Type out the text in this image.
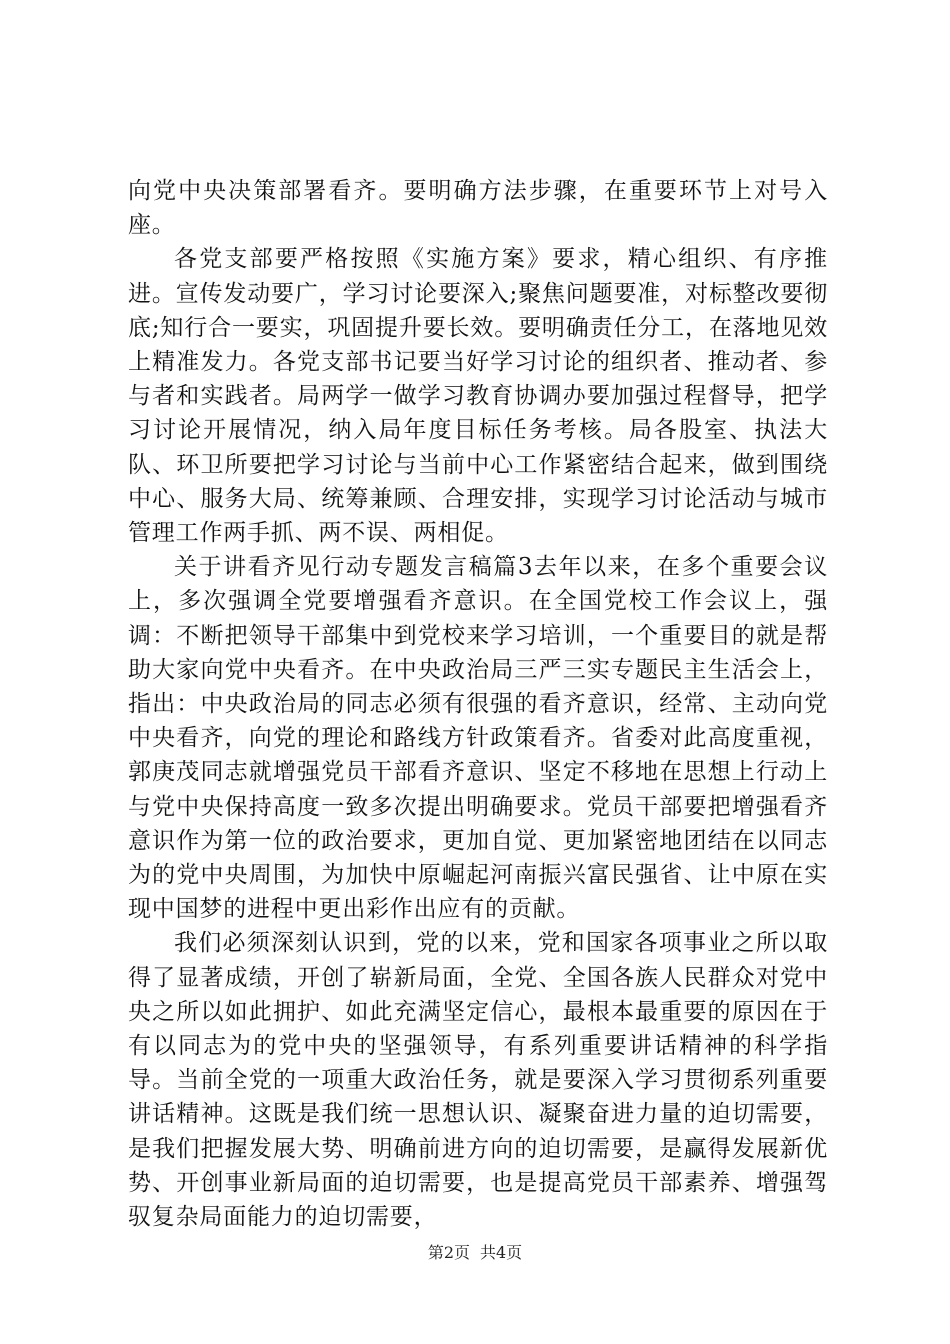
向党中央决策部署看齐。要明确方法步骤，在重要环节上对号入座。

各党支部要严格按照《实施方案》要求，精心组织、有序推进。宣传发动要广，学习讨论要深入;聚焦问题要准，对标整改要彻底;知行合一要实，巩固提升要长效。要明确责任分工，在落地见效上精准发力。各党支部书记要当好学习讨论的组织者、推动者、参与者和实践者。局两学一做学习教育协调办要加强过程督导，把学习讨论开展情况，纳入局年度目标任务考核。局各股室、执法大队、环卫所要把学习讨论与当前中心工作紧密结合起来，做到围绕中心、服务大局、统筹兼顾、合理安排，实现学习讨论活动与城市管理工作两手抓、两不误、两相促。

关于讲看齐见行动专题发言稿篇3去年以来，在多个重要会议上，多次强调全党要增强看齐意识。在全国党校工作会议上，强调：不断把领导干部集中到党校来学习培训，一个重要目的就是帮助大家向党中央看齐。在中央政治局三严三实专题民主生活会上，指出：中央政治局的同志必须有很强的看齐意识，经常、主动向党中央看齐，向党的理论和路线方针政策看齐。省委对此高度重视，郭庚茂同志就增强党员干部看齐意识、坚定不移地在思想上行动上与党中央保持高度一致多次提出明确要求。党员干部要把增强看齐意识作为第一位的政治要求，更加自觉、更加紧密地团结在以同志为的党中央周围，为加快中原崛起河南振兴富民强省、让中原在实现中国梦的进程中更出彩作出应有的贡献。

我们必须深刻认识到，党的以来，党和国家各项事业之所以取得了显著成绩，开创了崭新局面，全党、全国各族人民群众对党中央之所以如此拥护、如此充满坚定信心，最根本最重要的原因在于有以同志为的党中央的坚强领导，有系列重要讲话精神的科学指导。当前全党的一项重大政治任务，就是要深入学习贯彻系列重要讲话精神。这既是我们统一思想认识、凝聚奋进力量的迫切需要，是我们把握发展大势、明确前进方向的迫切需要，是赢得发展新优势、开创事业新局面的迫切需要，也是提高党员干部素养、增强驾驭复杂局面能力的迫切需要，

第2页 共4页
